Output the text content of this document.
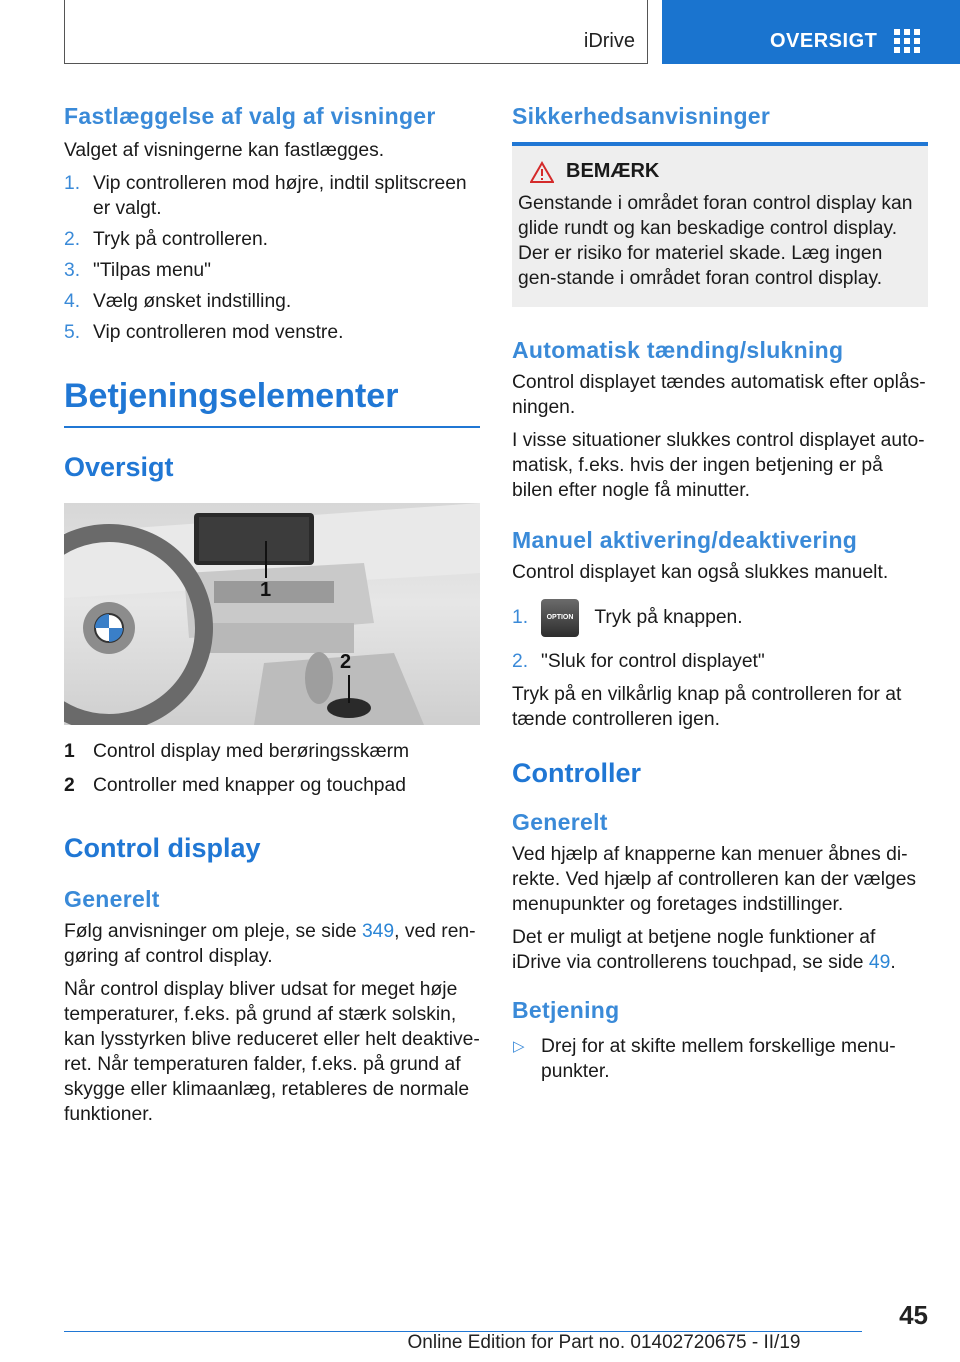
iDrive	OVERSIGT
Fastlæggelse af valg af visninger

Valget af visningerne kan fastlægges.

1. Vip controlleren mod højre, indtil splitscreen er valgt.
2. Tryk på controlleren.
3. "Tilpas menu"
4. Vælg ønsket indstilling.
5. Vip controlleren mod venstre.
Betjeningselementer
Oversigt
1
2
1 Control display med berøringsskærm
2 Controller med knapper og touchpad
Control display
Generelt

Følg anvisninger om pleje, se side 349, ved ren-gøring af control display.

Når control display bliver udsat for meget høje temperaturer, f.eks. på grund af stærk solskin, kan lysstyrken blive reduceret eller helt deaktive-ret. Når temperaturen falder, f.eks. på grund af skygge eller klimaanlæg, retableres de normale funktioner.

Sikkerhedsanvisninger
BEMÆRK

Genstande i området foran control display kan glide rundt og kan beskadige control display. Der er risiko for materiel skade. Læg ingen gen-stande i området foran control display.

Automatisk tænding/slukning

Control displayet tændes automatisk efter oplås-ningen.

I visse situationer slukkes control displayet auto-matisk, f.eks. hvis der ingen betjening er på bilen efter nogle få minutter.

Manuel aktivering/deaktivering

Control displayet kan også slukkes manuelt.

1.	OPTION Tryk på knappen.
2. "Sluk for control displayet"

Tryk på en vilkårlig knap på controlleren for at tænde controlleren igen.

Controller
Generelt

Ved hjælp af knapperne kan menuer åbnes di-rekte. Ved hjælp af controlleren kan der vælges menupunkter og foretages indstillinger.

Det er muligt at betjene nogle funktioner af iDrive via controllerens touchpad, se side 49.

Betjening
▷ Drej for at skifte mellem forskellige menu-punkter.
45
Online Edition for Part no. 01402720675 - II/19
